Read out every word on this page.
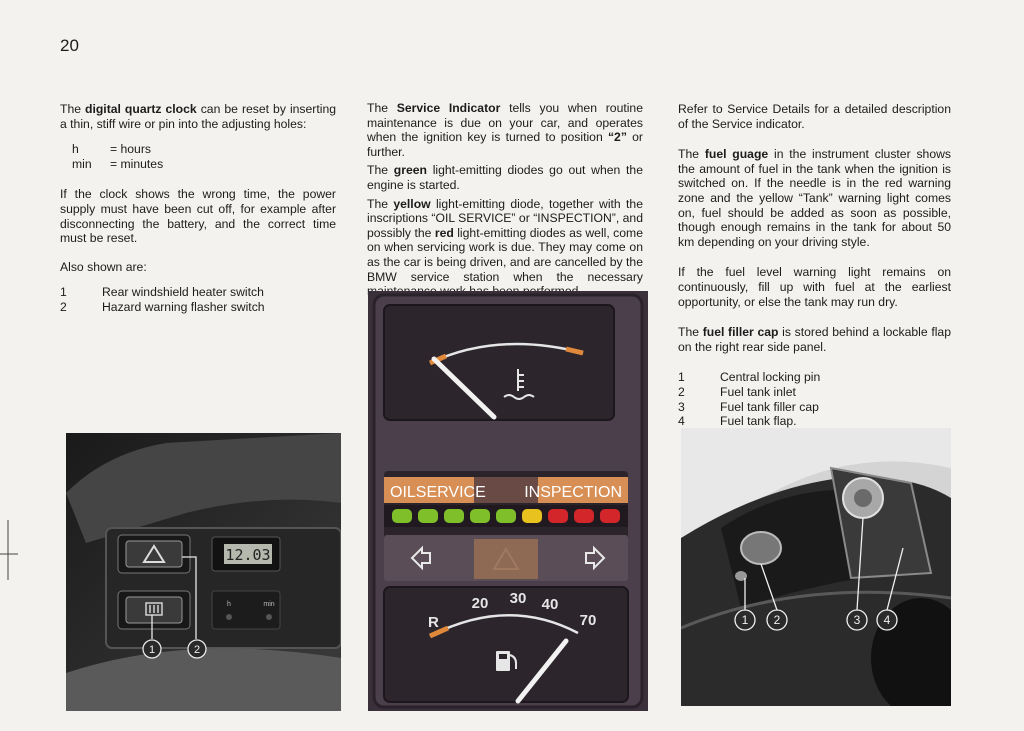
20

The digital quartz clock can be reset by inserting a thin, stiff wire or pin into the adjusting holes:

h	= hours
min	= minutes

If the clock shows the wrong time, the power supply must have been cut off, for example after disconnecting the battery, and the correct time must be reset.

Also shown are:

1	Rear windshield heater switch
2	Hazard warning flasher switch

The Service Indicator tells you when routine maintenance is due on your car, and operates when the ignition key is turned to position “2” or further.

The green light-emitting diodes go out when the engine is started.

The yellow light-emitting diode, together with the inscriptions “OIL SERVICE” or “INSPECTION”, and possibly the red light-emitting diodes as well, come on when servicing work is due. They may come on as the car is being driven, and are cancelled by the BMW service station when the necessary

Refer to Service Details for a detailed description of the Service indicator.

The fuel guage in the instrument cluster shows the amount of fuel in the tank when the ignition is switched on. If the needle is in the red warning zone and the yellow “Tank” warning light comes on, fuel should be added as soon as possible, though enough remains in the tank for about 50 km depending on your driving style.

If the fuel level warning light remains on continuously, fill up with fuel at the earliest opportunity, or else the tank may run dry.

The fuel filler cap is stored behind a lockable flap on the right rear side panel.

1	Central locking pin
2	Fuel tank inlet
3	Fuel tank filler cap
4	Fuel tank flap.
12.03
h	min
1	2
OILSERVICE INSPECTION
R
20 30 40
70	1 2	3 4
